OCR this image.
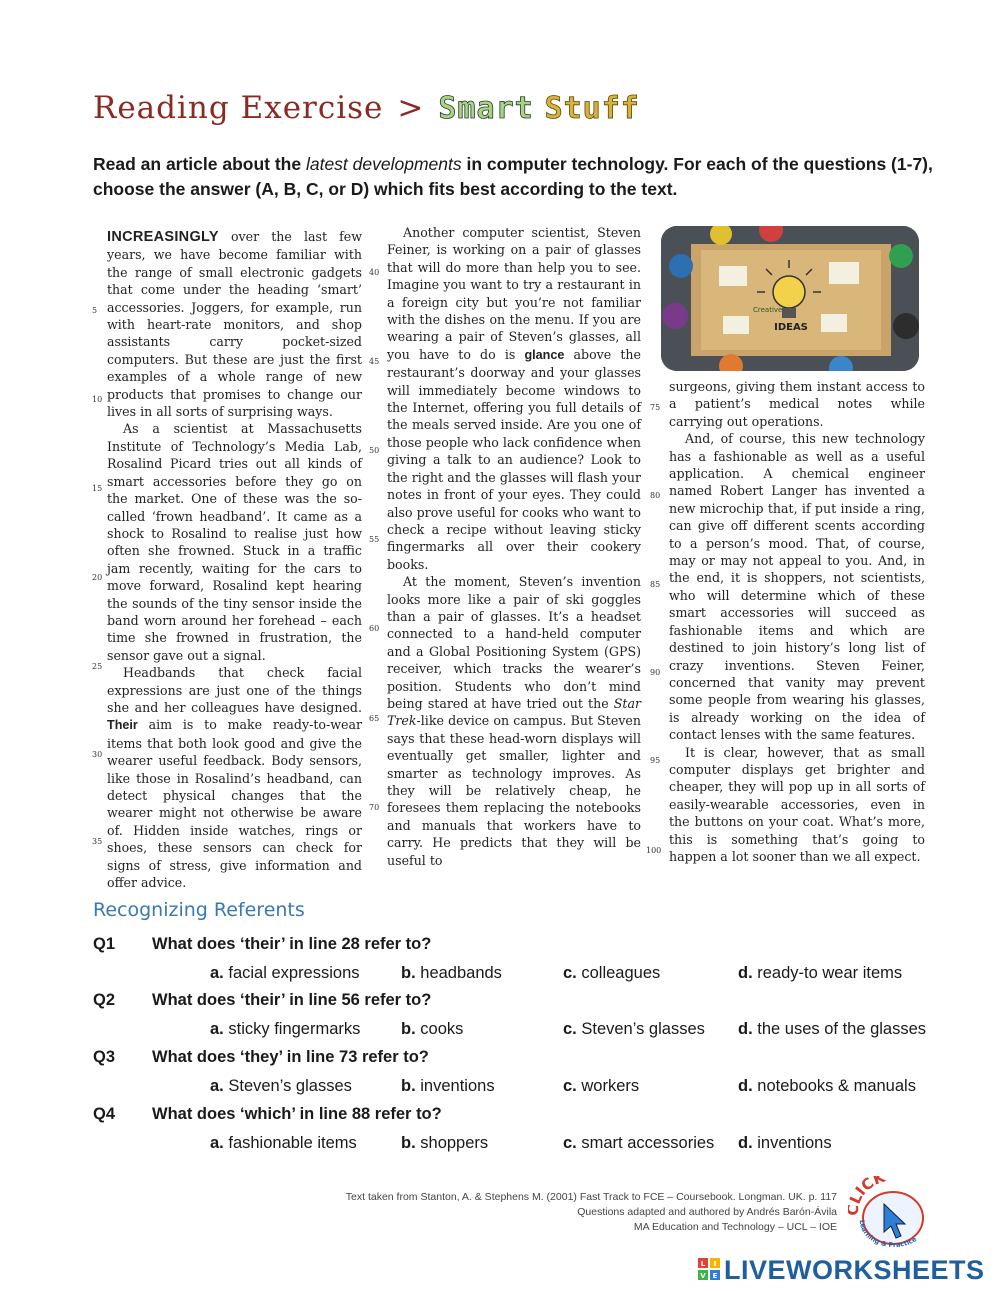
Reading Exercise > Smart Stuff
Read an article about the latest developments in computer technology. For each of the questions (1-7), choose the answer (A, B, C, or D) which fits best according to the text.

INCREASINGLY over the last few years, we have become familiar with the range of small electronic gadgets that come under the heading ‘smart’ accessories. Joggers, for example, run with heart-rate monitors, and shop assistants carry pocket-sized computers. But these are just the first examples of a whole range of new products that promises to change our lives in all sorts of surprising ways.

As a scientist at Massachusetts Institute of Technology’s Media Lab, Rosalind Picard tries out all kinds of smart accessories before they go on the market. One of these was the so-called ‘frown headband’. It came as a shock to Rosalind to realise just how often she frowned. Stuck in a traffic jam recently, waiting for the cars to move forward, Rosalind kept hearing the sounds of the tiny sensor inside the band worn around her forehead – each time she frowned in frustration, the sensor gave out a signal.

Headbands that check facial expressions are just one of the things she and her colleagues have designed. Their aim is to make ready-to-wear items that both look good and give the wearer useful feedback. Body sensors, like those in Rosalind’s headband, can detect physical changes that the wearer might not otherwise be aware of. Hidden inside watches, rings or shoes, these sensors can check for signs of stress, give information and offer advice.

Another computer scientist, Steven Feiner, is working on a pair of glasses that will do more than help you to see. Imagine you want to try a restaurant in a foreign city but you’re not familiar with the dishes on the menu. If you are wearing a pair of Steven’s glasses, all you have to do is glance above the restaurant’s doorway and your glasses will immediately become windows to the Internet, offering you full details of the meals served inside. Are you one of those people who lack confidence when giving a talk to an audience? Look to the right and the glasses will flash your notes in front of your eyes. They could also prove useful for cooks who want to check a recipe without leaving sticky fingermarks all over their cookery books.

At the moment, Steven’s invention looks more like a pair of ski goggles than a pair of glasses. It’s a headset connected to a hand-held computer and a Global Positioning System (GPS) receiver, which tracks the wearer’s position. Students who don’t mind being stared at have tried out the Star Trek-like device on campus. But Steven says that these head-worn displays will eventually get smaller, lighter and smarter as technology improves. As they will be relatively cheap, he foresees them replacing the notebooks and manuals that workers have to carry. He predicts that they will be useful to

IDEAS
Creative

surgeons, giving them instant access to a patient’s medical notes while carrying out operations.

And, of course, this new technology has a fashionable as well as a useful application. A chemical engineer named Robert Langer has invented a new microchip that, if put inside a ring, can give off different scents according to a person’s mood. That, of course, may or may not appeal to you. And, in the end, it is shoppers, not scientists, who will determine which of these smart accessories will succeed as fashionable items and which are destined to join history’s long list of crazy inventions. Steven Feiner, concerned that vanity may prevent some people from wearing his glasses, is already working on the idea of contact lenses with the same features.

It is clear, however, that as small computer displays get brighter and cheaper, they will pop up in all sorts of easily-wearable accessories, even in the buttons on your coat. What’s more, this is something that’s going to happen a lot sooner than we all expect.

5
10
15
20
25
30
35
40
45
50
55
60
65
70
75
80
85
90
95
100
Recognizing Referents
Q1 What does ‘their’ in line 28 refer to?
a. facial expressions	b. headbands	c. colleagues	d. ready-to wear items
Q2 What does ‘their’ in line 56 refer to?
a. sticky fingermarks b. cooks	c. Steven’s glasses d. the uses of the glasses
Q3 What does ‘they’ in line 73 refer to?
a. Steven’s glasses	b. inventions	c. workers	d. notebooks & manuals
Q4 What does ‘which’ in line 88 refer to?
a. fashionable items	b. shoppers	c. smart accessories d. inventions
Text taken from Stanton, A. & Stephens M. (2001) Fast Track to FCE – Coursebook. Longman. UK. p. 117
Questions adapted and authored by Andrés Barón-Ávila
MA Education and Technology – UCL – IOE
ICK
Learning & Practice
L I
V E LIVEWORKSHEETS
